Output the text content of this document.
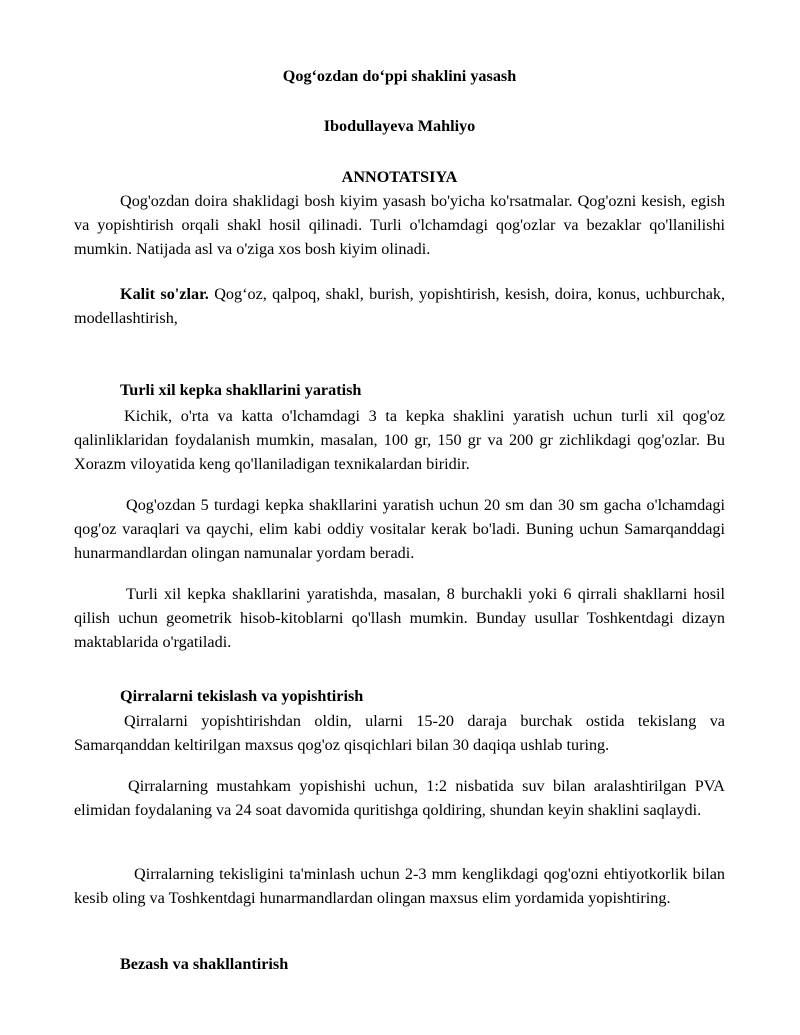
Qog‘ozdan do‘ppi shaklini yasash
Ibodullayeva Mahliyo
ANNOTATSIYA

Qog'ozdan doira shaklidagi bosh kiyim yasash bo'yicha ko'rsatmalar. Qog'ozni kesish, egish va yopishtirish orqali shakl hosil qilinadi. Turli o'lchamdagi qog'ozlar va bezaklar qo'llanilishi mumkin. Natijada asl va o'ziga xos bosh kiyim olinadi.

Kalit so'zlar. Qog‘oz, qalpoq, shakl, burish, yopishtirish, kesish, doira, konus, uchburchak, modellashtirish,

Turli xil kepka shakllarini yaratish

Kichik, o'rta va katta o'lchamdagi 3 ta kepka shaklini yaratish uchun turli xil qog'oz qalinliklaridan foydalanish mumkin, masalan, 100 gr, 150 gr va 200 gr zichlikdagi qog'ozlar. Bu Xorazm viloyatida keng qo'llaniladigan texnikalardan biridir.

Qog'ozdan 5 turdagi kepka shakllarini yaratish uchun 20 sm dan 30 sm gacha o'lchamdagi qog'oz varaqlari va qaychi, elim kabi oddiy vositalar kerak bo'ladi. Buning uchun Samarqanddagi hunarmandlardan olingan namunalar yordam beradi.

Turli xil kepka shakllarini yaratishda, masalan, 8 burchakli yoki 6 qirrali shakllarni hosil qilish uchun geometrik hisob-kitoblarni qo'llash mumkin. Bunday usullar Toshkentdagi dizayn maktablarida o'rgatiladi.

Qirralarni tekislash va yopishtirish

Qirralarni yopishtirishdan oldin, ularni 15-20 daraja burchak ostida tekislang va Samarqanddan keltirilgan maxsus qog'oz qisqichlari bilan 30 daqiqa ushlab turing.

Qirralarning mustahkam yopishishi uchun, 1:2 nisbatida suv bilan aralashtirilgan PVA elimidan foydalaning va 24 soat davomida quritishga qoldiring, shundan keyin shaklini saqlaydi.

Qirralarning tekisligini ta'minlash uchun 2-3 mm kenglikdagi qog'ozni ehtiyotkorlik bilan kesib oling va Toshkentdagi hunarmandlardan olingan maxsus elim yordamida yopishtiring.

Bezash va shakllantirish
